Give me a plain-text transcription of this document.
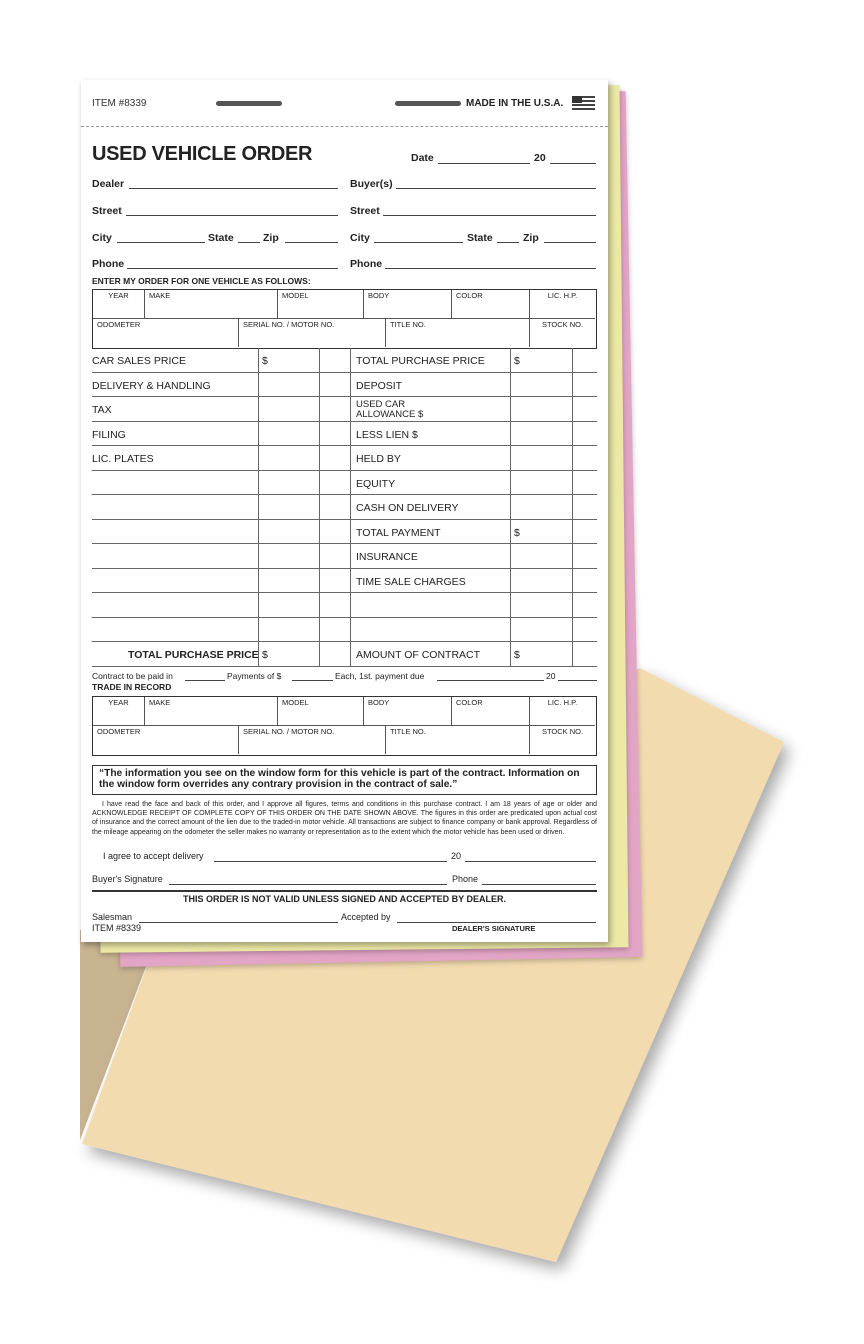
ITEM #8339	MADE IN THE U.S.A.
USED VEHICLE ORDER	Date	20
Dealer
Street
City	State	Zip
Phone
Buyer(s)
Street
City	State	Zip
Phone
ENTER MY ORDER FOR ONE VEHICLE AS FOLLOWS:
YEAR	MAKE	MODEL	BODY	COLOR	LIC. H.P.
ODOMETER	SERIAL NO. / MOTOR NO.	TITLE NO.	STOCK NO.
CAR SALES PRICE	$	TOTAL PURCHASE PRICE	$
DELIVERY & HANDLING	DEPOSIT
TAX	USED CAR
ALLOWANCE $
FILING	LESS LIEN $
LIC. PLATES	HELD BY
EQUITY
CASH ON DELIVERY
TOTAL PAYMENT	$
INSURANCE
TIME SALE CHARGES
TOTAL PURCHASE PRICE $	AMOUNT OF CONTRACT	$
Contract to be paid in	Payments of $	Each, 1st. payment due	20
TRADE IN RECORD
YEAR	MAKE	MODEL	BODY	COLOR	LIC. H.P.
ODOMETER	SERIAL NO. / MOTOR NO.	TITLE NO.	STOCK NO.
“The information you see on the window form for this vehicle is part of the contract. Information on the window form overrides any contrary provision in the contract of sale.”
I have read the face and back of this order, and I approve all figures, terms and conditions in this purchase contract. I am 18 years of age or older and ACKNOWLEDGE RECEIPT OF COMPLETE COPY OF THIS ORDER ON THE DATE SHOWN ABOVE. The figures in this order are predicated upon actual cost of insurance and the correct amount of the lien due to the traded-in motor vehicle. All transactions are subject to finance company or bank approval. Regardless of the mileage appearing on the odometer the seller makes no warranty or representation as to the extent which the motor vehicle has been used or driven.
I agree to accept delivery	20
Buyer's Signature	Phone
THIS ORDER IS NOT VALID UNLESS SIGNED AND ACCEPTED BY DEALER.
Salesman	Accepted by
ITEM #8339	DEALER'S SIGNATURE
